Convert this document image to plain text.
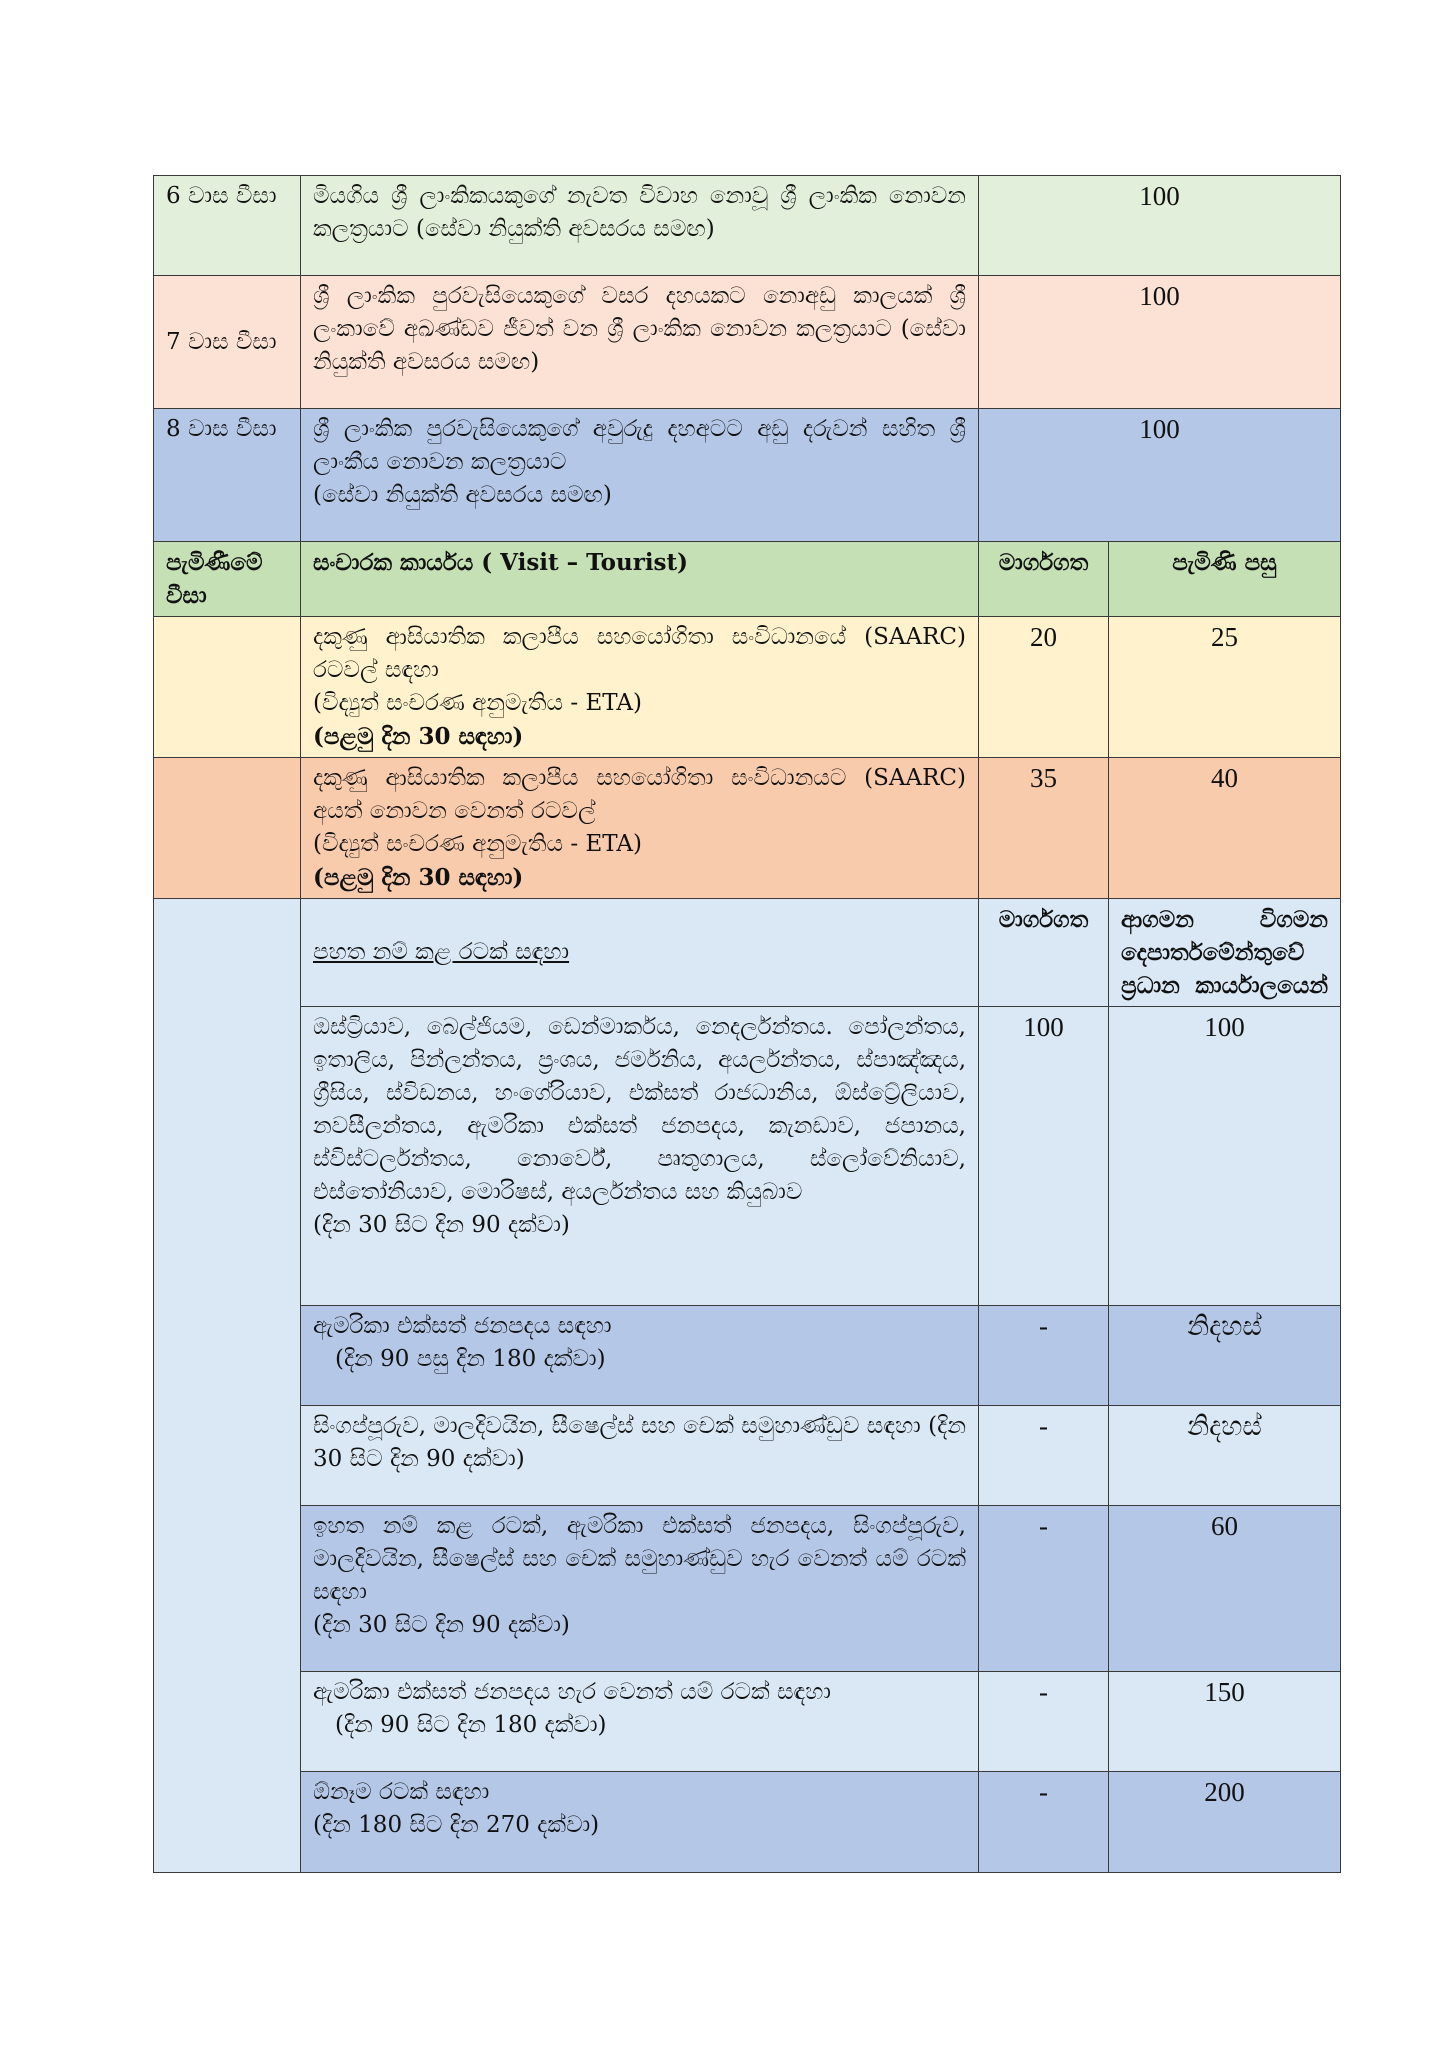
6 වාස වීසා	මියගිය ශ්‍රී ලාංකිකයකුගේ නැවත විවාහ නොවූ ශ්‍රී ලාංකික නොවන කලත්‍රයාට (සේවා නියුක්ති අවසරය සමඟ)	100	
7 වාස වීසා	ශ්‍රී ලාංකික පුරවැසියෙකුගේ වසර දහයකට නොඅඩු කාලයක් ශ්‍රී ලංකාවේ අඛණ්ඩව ජීවත් වන ශ්‍රී ලාංකික නොවන කලත්‍රයාට (සේවා නියුක්ති අවසරය සමඟ)	100	
8 වාස වීසා	ශ්‍රී ලාංකික පුරවැසියෙකුගේ අවුරුදු දහඅටට අඩු දරුවන් සහිත ශ්‍රී ලාංකීය නොවන කලත්‍රයාට
(සේවා නියුක්ති අවසරය සමඟ)	100	
පැමිණීමේ වීසා	සංචාරක කාර්යය ( Visit – Tourist)	මාර්ගගත	පැමිණි පසු

	දකුණු ආසියාතික කලාපීය සහයෝගිතා සංවිධානයේ (SAARC) රටවල් සඳහා
(විද්‍යුත් සංචරණ අනුමැතිය - ETA)
(පළමු දින 30 සඳහා)	20	25

	දකුණු ආසියාතික කලාපීය සහයෝගිතා සංවිධානයට (SAARC) අයත් නොවන වෙනත් රටවල්
(විද්‍යුත් සංචරණ අනුමැතිය - ETA)
(පළමු දින 30 සඳහා)	35	40
	පහත නම් කළ රටක් සඳහා	මාර්ගගත	ආගමන විගමන දෙපාර්තමේන්තුවේ ප්‍රධාන කාර්යාලයෙන්

	ඔස්ට්‍රියාව, බෙල්ජියම, ඩෙන්මාර්කය, නෙදර්ලන්තය. පෝලන්තය, ඉතාලිය, පින්ලන්තය, ප්‍රංශය, ජර්මනිය, අයර්ලන්තය, ස්පාඤ්ඤය, ග්‍රීසිය, ස්විඩනය, හංගේරියාව, එක්සත් රාජධානිය, ඕස්ට්‍රේලියාව, නවසීලන්තය, ඇමරිකා එක්සත් ජනපදය, කැනඩාව, ජපානය, ස්විස්ටර්ලන්තය, නොර්වේ, පෘතුගාලය, ස්ලෝවේනියාව, එස්තෝනියාව, මොරිෂස්, අයර්ලන්තය සහ කියුබාව
(දින 30 සිට දින 90 දක්වා)	100	100

	ඇමරිකා එක්සත් ජනපදය සඳහා
(දින 90 පසු දින 180 දක්වා)	-	නිදහස්
	සිංගප්පූරුව, මාලදිවයින, සීෂෙල්ස් සහ චෙක් සමුහාණ්ඩුව සඳහා (දින 30 සිට දින 90 දක්වා)	-	නිදහස්

	ඉහත නම් කළ රටක්, ඇමරිකා එක්සත් ජනපදය, සිංගප්පූරුව, මාලදිවයින, සීෂෙල්ස් සහ චෙක් සමුහාණ්ඩුව හැර වෙනත් යම් රටක් සඳහා
(දින 30 සිට දින 90 දක්වා)	-	60

	ඇමරිකා එක්සත් ජනපදය හැර වෙනත් යම් රටක් සඳහා
(දින 90 සිට දින 180 දක්වා)	-	150

	ඕනෑම රටක් සඳහා
(දින 180 සිට දින 270 දක්වා)	-	200
